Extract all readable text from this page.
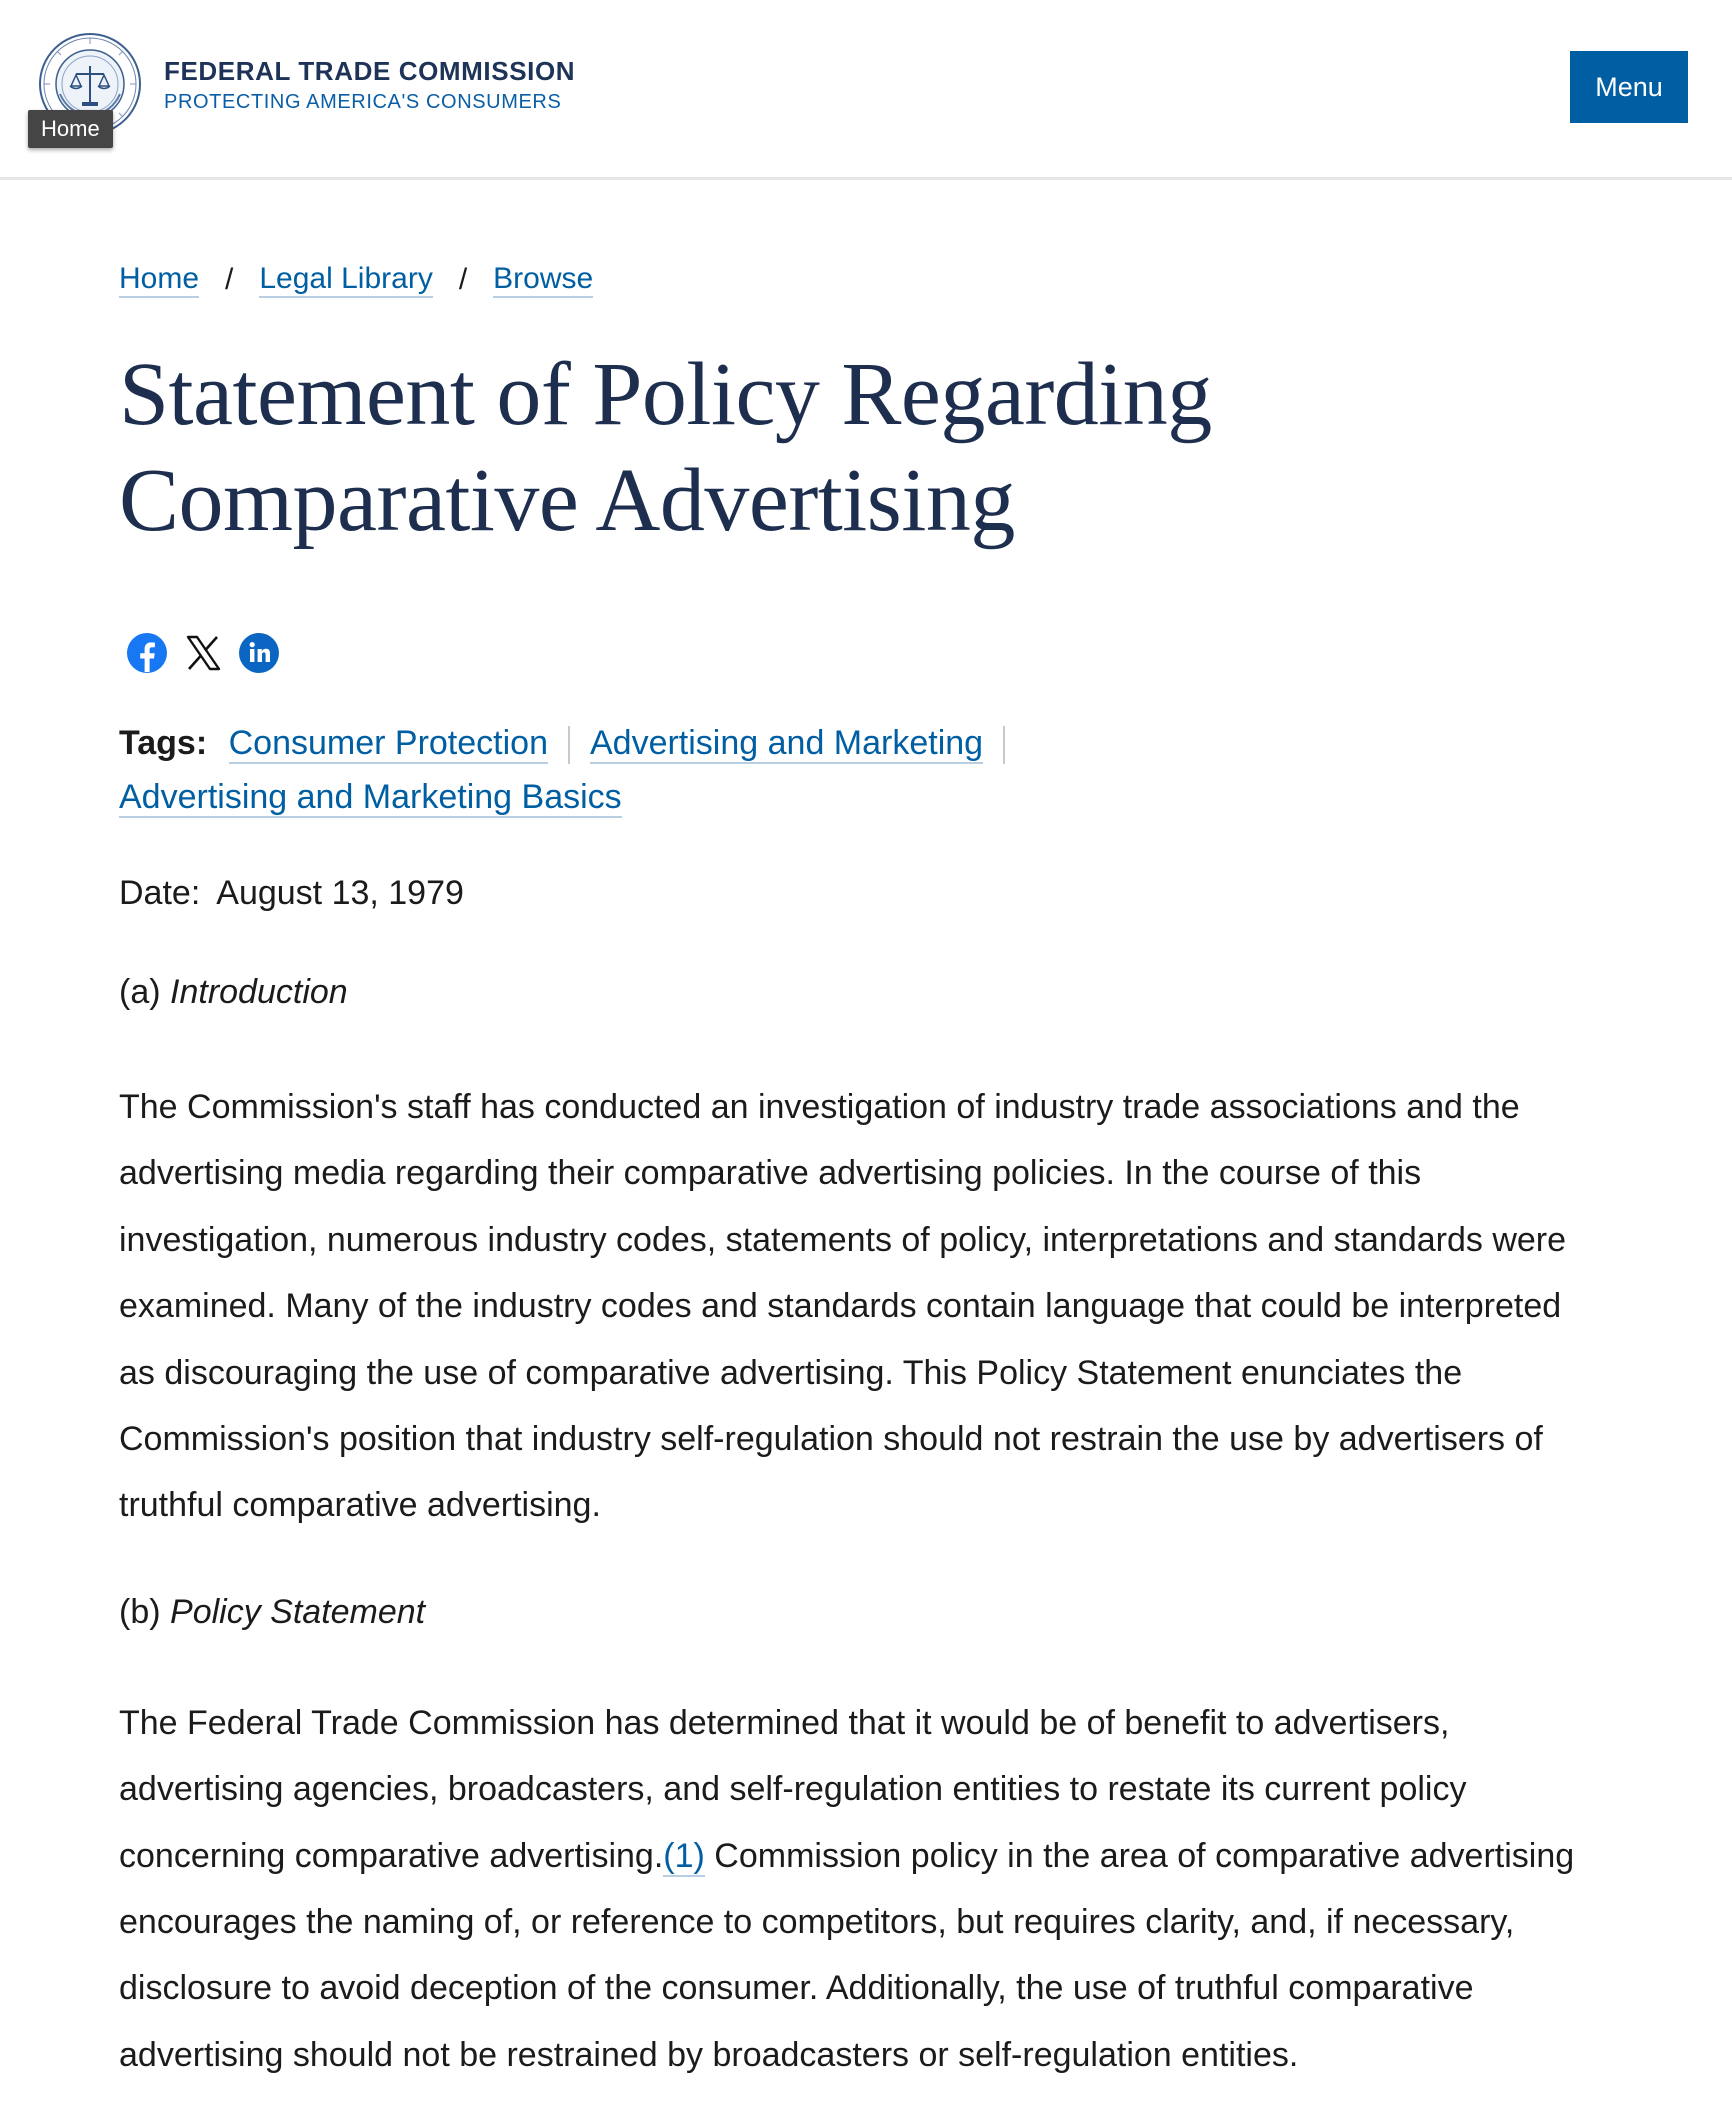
Home
FEDERAL TRADE COMMISSION
PROTECTING AMERICA'S CONSUMERS	Menu
Home / Legal Library / Browse
Statement of Policy Regarding
Comparative Advertising
Tags: Consumer Protection Advertising and Marketing
Advertising and Marketing Basics
Date: August 13, 1979
(a) Introduction

The Commission's staff has conducted an investigation of industry trade associations and the advertising media regarding their comparative advertising policies. In the course of this investigation, numerous industry codes, statements of policy, interpretations and standards were examined. Many of the industry codes and standards contain language that could be interpreted as discouraging the use of comparative advertising. This Policy Statement enunciates the Commission's position that industry self-regulation should not restrain the use by advertisers of truthful comparative advertising.

(b) Policy Statement

The Federal Trade Commission has determined that it would be of benefit to advertisers, advertising agencies, broadcasters, and self-regulation entities to restate its current policy concerning comparative advertising.(1) Commission policy in the area of comparative advertising encourages the naming of, or reference to competitors, but requires clarity, and, if necessary, disclosure to avoid deception of the consumer. Additionally, the use of truthful comparative advertising should not be restrained by broadcasters or self-regulation entities.
